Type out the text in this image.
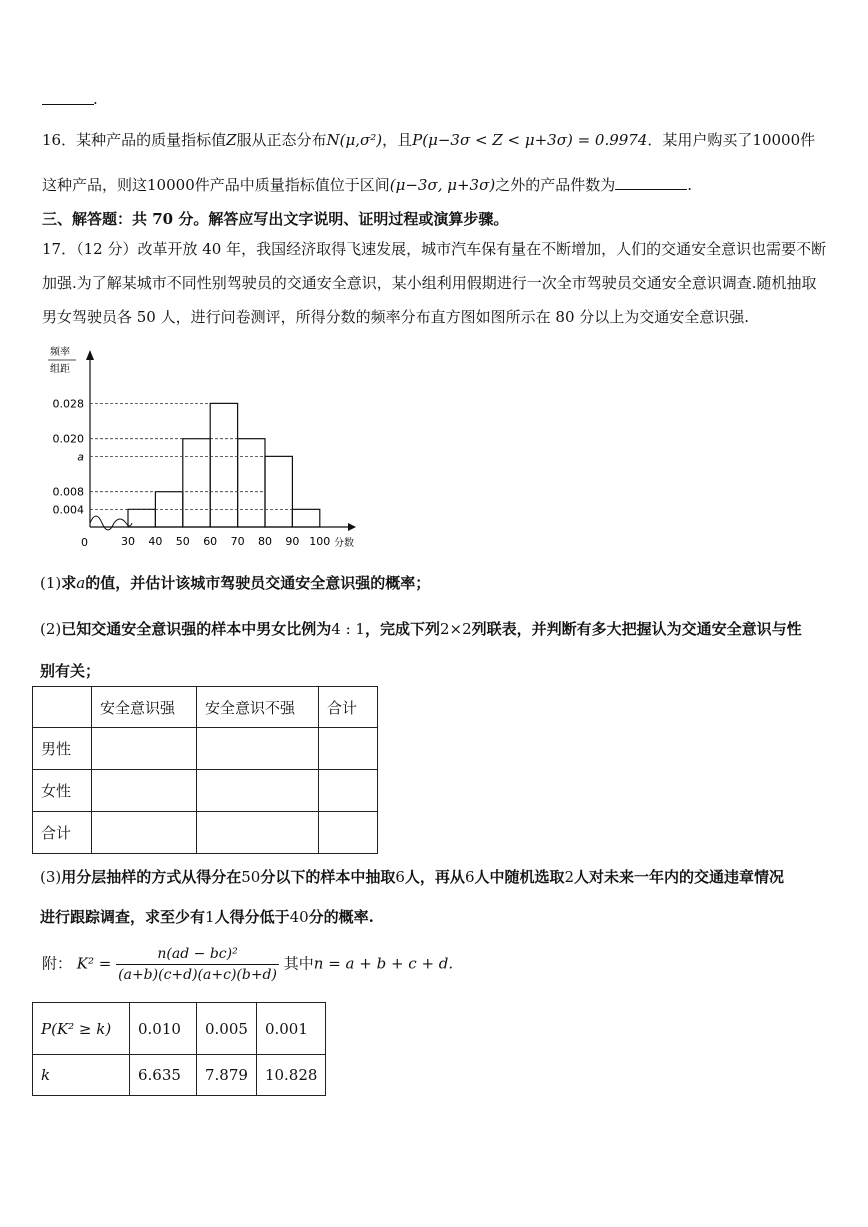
.
16．某种产品的质量指标值Z服从正态分布N(μ,σ²)，且P(μ−3σ < Z < μ+3σ) = 0.9974．某用户购买了10000件
这种产品，则这10000件产品中质量指标值位于区间(μ−3σ, μ+3σ)之外的产品件数为	.
三、解答题：共 70 分。解答应写出文字说明、证明过程或演算步骤。
17．（12 分）改革开放 40 年，我国经济取得飞速发展，城市汽车保有量在不断增加，人们的交通安全意识也需要不断
加强.为了解某城市不同性别驾驶员的交通安全意识，某小组利用假期进行一次全市驾驶员交通安全意识调查.随机抽取
男女驾驶员各 50 人，进行问卷测评，所得分数的频率分布直方图如图所示在 80 分以上为交通安全意识强.
0.028
0.020
a
0.008
0.004
30 40 50 60 70 80 90 100
频率
组距
分数
0
(1)求a的值，并估计该城市驾驶员交通安全意识强的概率；
(2)已知交通安全意识强的样本中男女比例为4 : 1，完成下列2×2列联表，并判断有多大把握认为交通安全意识与性
别有关；
	安全意识强	安全意识不强	合计
男性			
女性			
合计			
(3)用分层抽样的方式从得分在50分以下的样本中抽取6人，再从6人中随机选取2人对未来一年内的交通违章情况
进行跟踪调查，求至少有1人得分低于40分的概率.
附： $K^2 = \frac{\text{n(ad − bc)²}}{(a+b)(c+d)(a+c)(b+d)}$ 其中n = a + b + c + d.
P(K² ≥ k)	0.010	0.005	0.001
k	6.635	7.879	10.828
